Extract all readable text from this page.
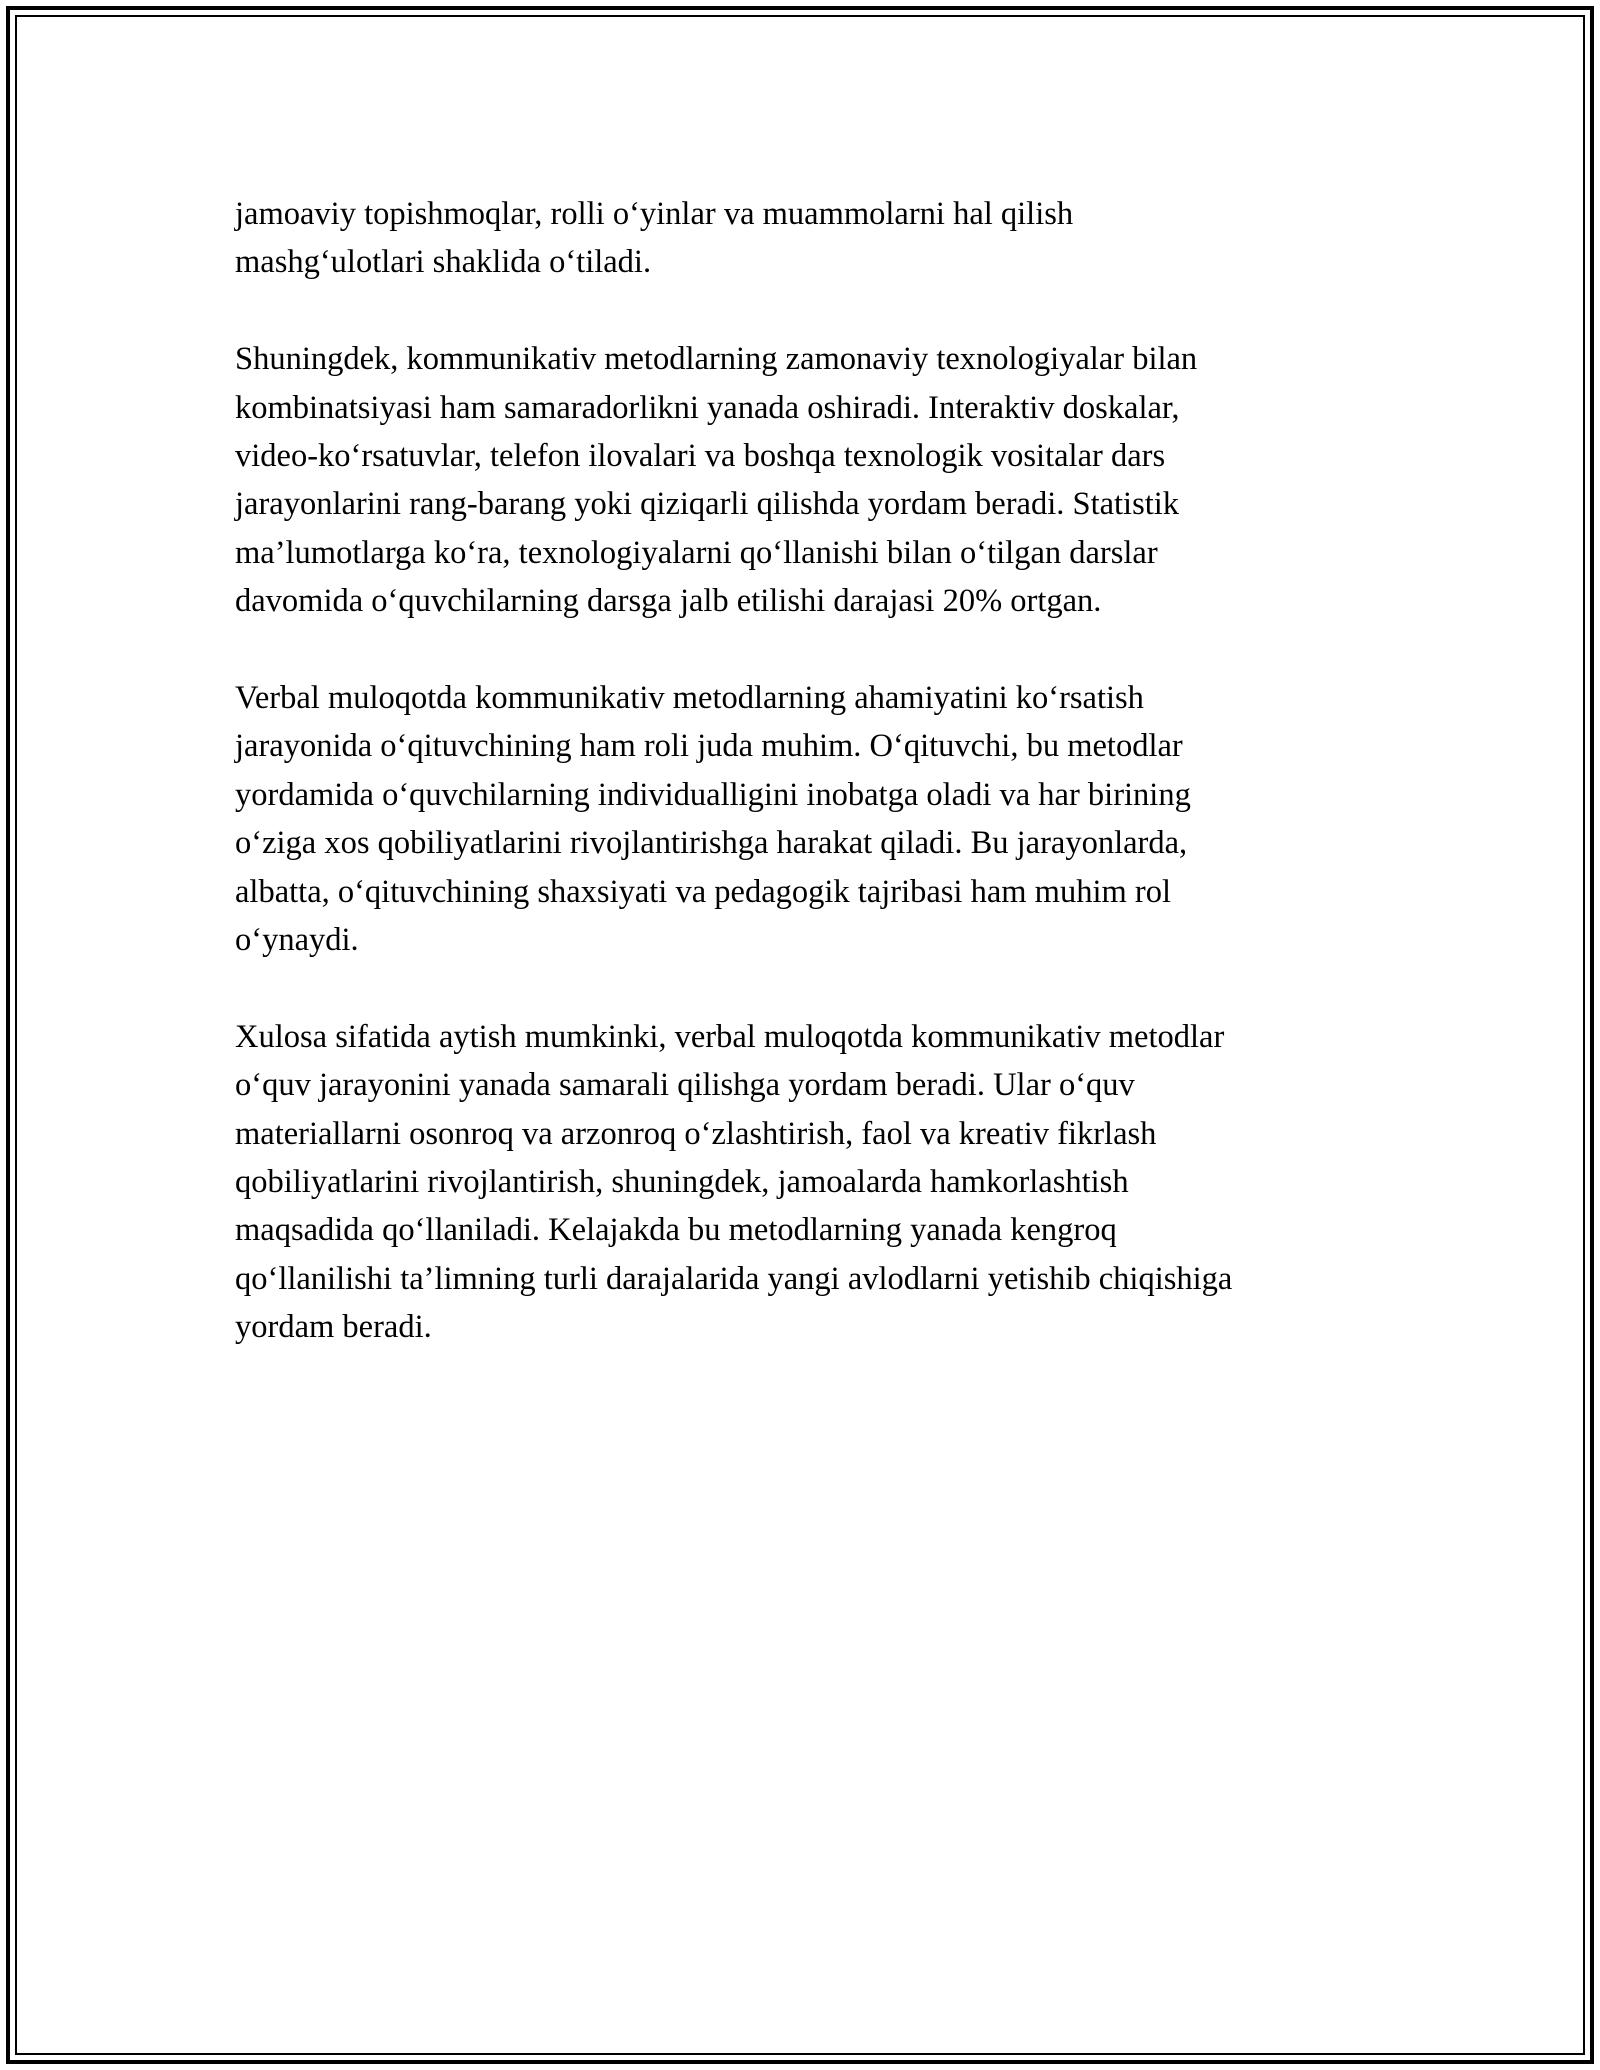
jamoaviy topishmoqlar, rolli o‘yinlar va muammolarni hal qilish
mashg‘ulotlari shaklida o‘tiladi.

Shuningdek, kommunikativ metodlarning zamonaviy texnologiyalar bilan
kombinatsiyasi ham samaradorlikni yanada oshiradi. Interaktiv doskalar,
video-ko‘rsatuvlar, telefon ilovalari va boshqa texnologik vositalar dars
jarayonlarini rang-barang yoki qiziqarli qilishda yordam beradi. Statistik
ma’lumotlarga ko‘ra, texnologiyalarni qo‘llanishi bilan o‘tilgan darslar
davomida o‘quvchilarning darsga jalb etilishi darajasi 20% ortgan.

Verbal muloqotda kommunikativ metodlarning ahamiyatini ko‘rsatish
jarayonida o‘qituvchining ham roli juda muhim. O‘qituvchi, bu metodlar
yordamida o‘quvchilarning individualligini inobatga oladi va har birining
o‘ziga xos qobiliyatlarini rivojlantirishga harakat qiladi. Bu jarayonlarda,
albatta, o‘qituvchining shaxsiyati va pedagogik tajribasi ham muhim rol
o‘ynaydi.

Xulosa sifatida aytish mumkinki, verbal muloqotda kommunikativ metodlar
o‘quv jarayonini yanada samarali qilishga yordam beradi. Ular o‘quv
materiallarni osonroq va arzonroq o‘zlashtirish, faol va kreativ fikrlash
qobiliyatlarini rivojlantirish, shuningdek, jamoalarda hamkorlashtish
maqsadida qo‘llaniladi. Kelajakda bu metodlarning yanada kengroq
qo‘llanilishi ta’limning turli darajalarida yangi avlodlarni yetishib chiqishiga
yordam beradi.
